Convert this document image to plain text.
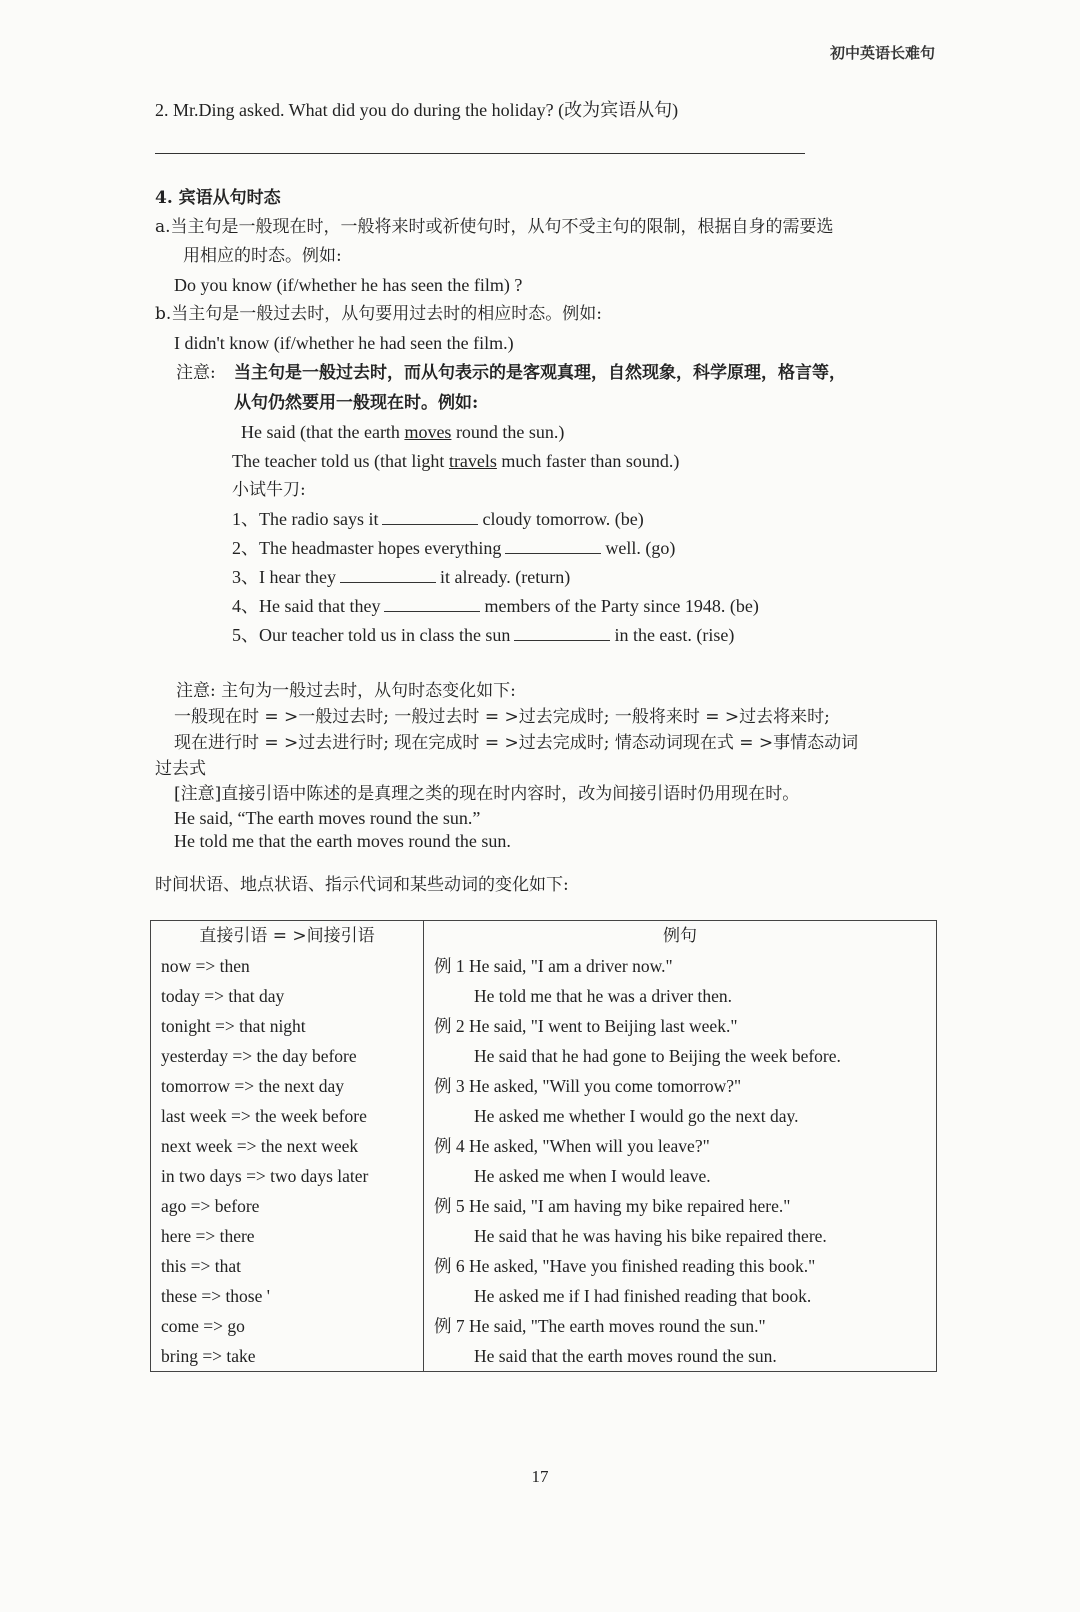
初中英语长难句
2. Mr.Ding asked. What did you do during the holiday? (改为宾语从句)
4. 宾语从句时态
a.当主句是一般现在时，一般将来时或祈使句时，从句不受主句的限制，根据自身的需要选
用相应的时态。例如:
Do you know (if/whether he has seen the film) ?
b.当主句是一般过去时，从句要用过去时的相应时态。例如:
I didn't know (if/whether he had seen the film.)
注意: 当主句是一般过去时，而从句表示的是客观真理，自然现象，科学原理，格言等，
从句仍然要用一般现在时。例如:
He said (that the earth moves round the sun.)
The teacher told us (that light travels much faster than sound.)
小试牛刀:
1、The radio says it	cloudy tomorrow. (be)
2、The headmaster hopes everything	well. (go)
3、I hear they	it already. (return)
4、He said that they	members of the Party since 1948. (be)
5、Our teacher told us in class the sun	in the east. (rise)
注意: 主句为一般过去时，从句时态变化如下:
一般现在时 = >一般过去时; 一般过去时 = >过去完成时; 一般将来时 = >过去将来时;
现在进行时 = >过去进行时; 现在完成时 = >过去完成时; 情态动词现在式 = >事情态动词
过去式
[注意]直接引语中陈述的是真理之类的现在时内容时，改为间接引语时仍用现在时。
He said, “The earth moves round the sun.”
He told me that the earth moves round the sun.
时间状语、地点状语、指示代词和某些动词的变化如下:
直接引语 = >间接引语	例句
now => then	例 1 He said, "I am a driver now."
today => that day	He told me that he was a driver then.
tonight => that night	例 2 He said, "I went to Beijing last week."
yesterday => the day before	He said that he had gone to Beijing the week before.
tomorrow => the next day	例 3 He asked, "Will you come tomorrow?"
last week => the week before	He asked me whether I would go the next day.
next week => the next week	例 4 He asked, "When will you leave?"
in two days => two days later	He asked me when I would leave.
ago => before	例 5 He said, "I am having my bike repaired here."
here => there	He said that he was having his bike repaired there.
this => that	例 6 He asked, "Have you finished reading this book."
these => those '	He asked me if I had finished reading that book.
come => go	例 7 He said, "The earth moves round the sun."
bring => take	He said that the earth moves round the sun.
17
